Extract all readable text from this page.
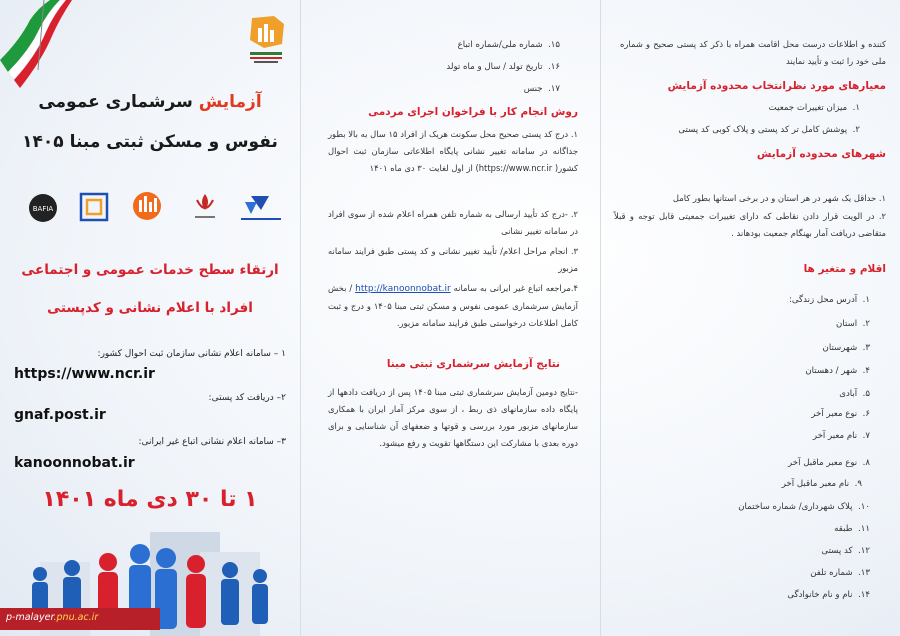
آزمایش سرشماری عمومی
نفوس و مسکن ثبتی مبنا ۱۴۰۵
BAFIA
ارتقاء سطح خدمات عمومی و اجتماعی
افراد با اعلام نشانی و کدپستی
۱ – سامانه اعلام نشانی سازمان ثبت احوال کشور:
https://www.ncr.ir
۲– دریافت کد پستی:
gnaf.post.ir
۳– سامانه اعلام نشانی اتباع غیر ایرانی:
kanoonnobat.ir
۱ تا ۳۰ دی ماه ۱۴۰۱
p-malayer.pnu.ac.ir
۱۵.  شماره ملی/شماره اتباع
۱۶.  تاریخ تولد / سال و ماه تولد
۱۷.  جنس
روش انجام کار با فراخوان اجرای مردمی
۱. درج کد پستی صحیح محل سکونت هریک از افراد ۱۵ سال به بالا بطور جداگانه در سامانه تغییر نشانی پایگاه اطلاعاتی سازمان ثبت احوال کشور( https://www.ncr.ir) از اول لغایت ۳۰ دی ماه ۱۴۰۱
۲. -درج کد تأیید ارسالی به شماره تلفن همراه اعلام شده از سوی افراد در سامانه تغییر نشانی
۳. انجام مراحل اعلام/ تأیید تغییر نشانی و کد پستی طبق فرایند سامانه مزبور
۴.مراجعه اتباع غیر ایرانی به سامانه http://kanoonnobat.ir / بخش آزمایش سرشماری عمومی نفوس و مسکن ثبتی مبنا ۱۴۰۵ و درج و ثبت کامل اطلاعات درخواستی طبق فرایند سامانه مزبور.
نتایج آزمایش سرشماری ثبتی مبنا
-نتایج دومین آزمایش سرشماری ثبتی مبنا ۱۴۰۵ پس از دریافت دادهها از پایگاه داده سازمانهای ذی ربط ، از سوی مرکز آمار ایران با همکاری سازمانهای مزبور مورد بررسی و قوتها و ضعفهای آن شناسایی و برای دوره بعدی با مشارکت این دستگاهها تقویت و رفع میشود.
کننده و اطلاعات درست محل اقامت همراه با ذکر کد پستی صحیح و شماره ملی خود را ثبت و تأیید نمایند
معیارهای مورد نظرانتخاب محدوده آزمایش
۱.  میزان تغییرات جمعیت
۲.  پوشش کامل تر کد پستی و پلاک کوبی کد پستی
شهرهای محدوده آزمایش
۱. حداقل یک شهر در هر استان و در برخی استانها بطور کامل
۲. در الویت قرار دادن نقاطی که دارای تغییرات جمعیتی قابل توجه و قبلاً متقاضی دریافت آمار بهنگام جمعیت بودهاند .
اقلام و متغیر ها
۱.  آدرس محل زندگی:
۲.  استان
۳.  شهرستان
۴.  شهر / دهستان
۵.  آبادی
۶.  نوع معبر آخر
۷.  نام معبر آخر
۸.  نوع معبر ماقبل آخر
۹.  نام معبر ماقبل آخر
۱۰.  پلاک شهرداری/ شماره ساختمان
۱۱.  طبقه
۱۲.  کد پستی
۱۳.  شماره تلفن
۱۴.  نام و نام خانوادگی
